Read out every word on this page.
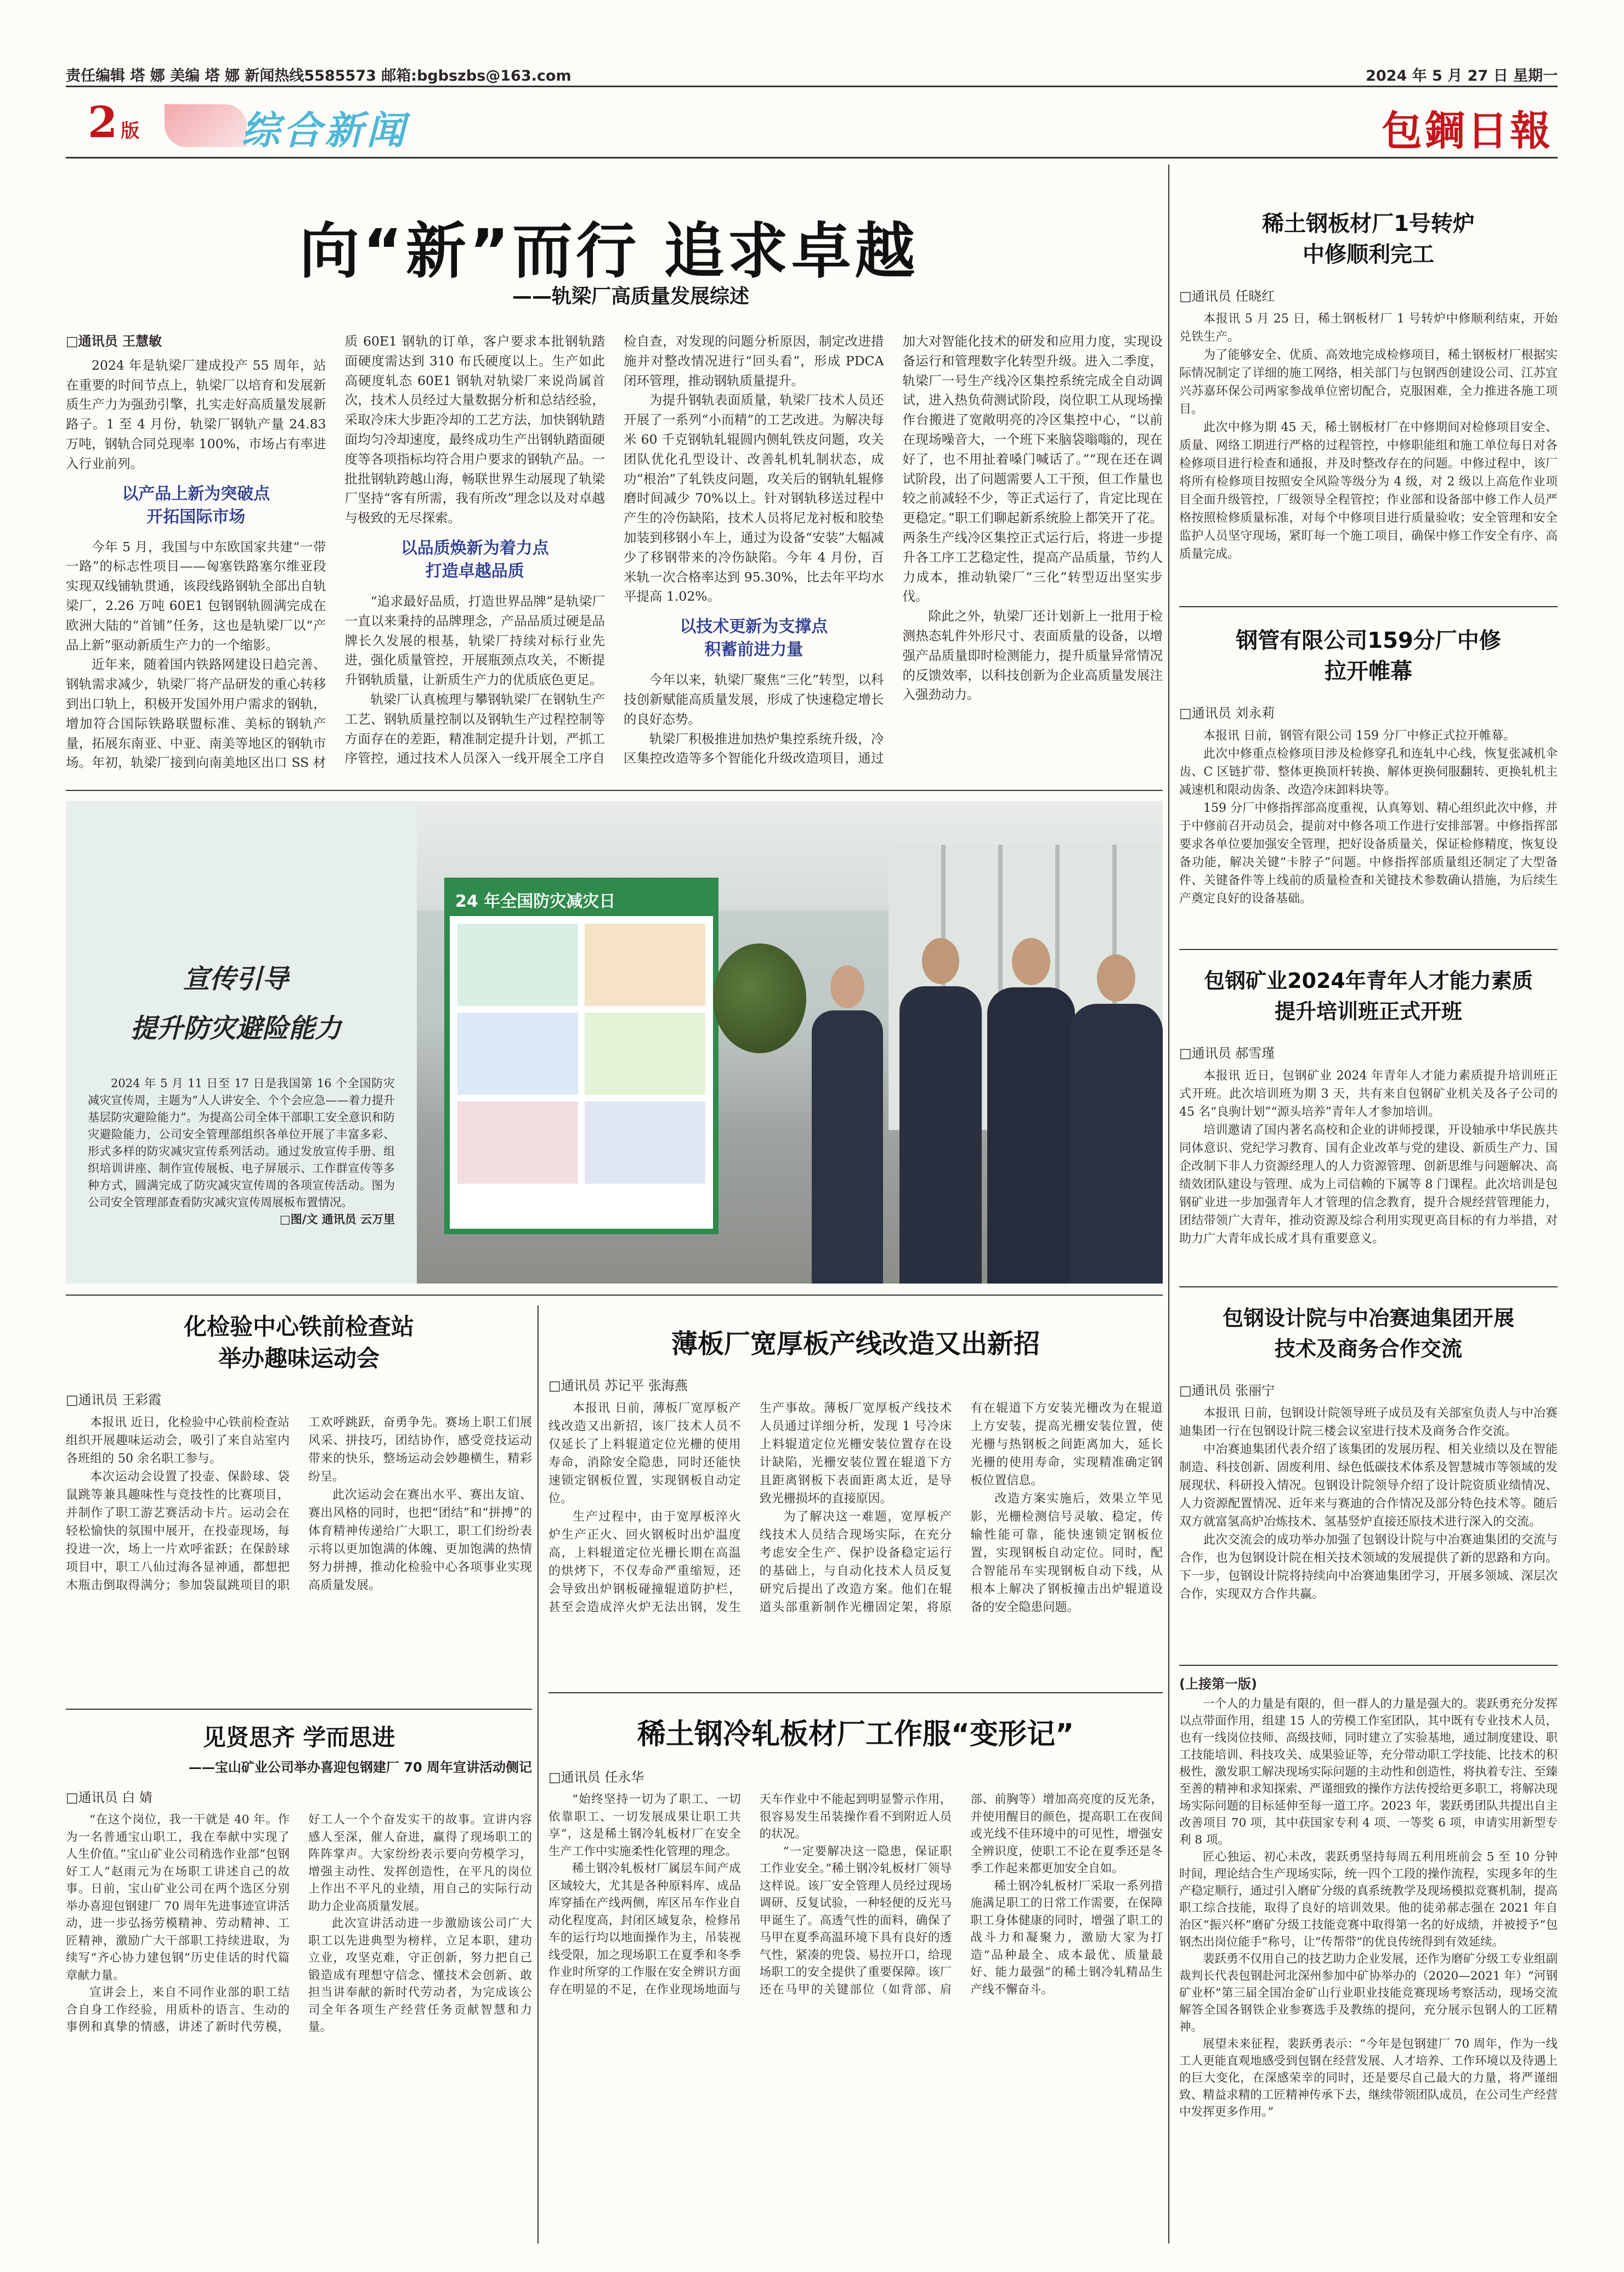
责任编辑 塔 娜 美编 塔 娜 新闻热线5585573 邮箱:bgbszbs@163.com	2024 年 5 月 27 日 星期一
2 版	综合新闻	包鋼日報
向“新”而行 追求卓越
——轨梁厂高质量发展综述
□通讯员 王慧敏

2024 年是轨梁厂建成投产 55 周年，站在重要的时间节点上，轨梁厂以培育和发展新质生产力为强劲引擎，扎实走好高质量发展新路子。1 至 4 月份，轨梁厂钢轨产量 24.83 万吨，钢轨合同兑现率 100%，市场占有率进入行业前列。

以产品上新为突破点
开拓国际市场

今年 5 月，我国与中东欧国家共建“一带一路”的标志性项目——匈塞铁路塞尔维亚段实现双线铺轨贯通，该段线路钢轨全部出自轨梁厂，2.26 万吨 60E1 包钢钢轨圆满完成在欧洲大陆的“首铺”任务，这也是轨梁厂以“产品上新”驱动新质生产力的一个缩影。

近年来，随着国内铁路网建设日趋完善、钢轨需求减少，轨梁厂将产品研发的重心转移到出口轨上，积极开发国外用户需求的钢轨，增加符合国际铁路联盟标准、美标的钢轨产量，拓展东南亚、中亚、南美等地区的钢轨市场。年初，轨梁厂接到向南美地区出口 SS 材质 60E1 钢轨的订单，客户要求本批钢轨踏面硬度需达到 310 布氏硬度以上。生产如此高硬度轧态 60E1 钢轨对轨梁厂来说尚属首次，技术人员经过大量数据分析和总结经验，采取冷床大步距冷却的工艺方法，加快钢轨踏面均匀冷却速度，最终成功生产出钢轨踏面硬度等各项指标均符合用户要求的钢轨产品。一批批钢轨跨越山海，畅联世界生动展现了轨梁厂坚持“客有所需，我有所改”理念以及对卓越与极致的无尽探索。

以品质焕新为着力点
打造卓越品质

“追求最好品质，打造世界品牌”是轨梁厂一直以来秉持的品牌理念，产品品质过硬是品牌长久发展的根基，轨梁厂持续对标行业先进，强化质量管控，开展瓶颈点攻关，不断提升钢轨质量，让新质生产力的优质底色更足。

轨梁厂认真梳理与攀钢轨梁厂在钢轨生产工艺、钢轨质量控制以及钢轨生产过程控制等方面存在的差距，精准制定提升计划，严抓工序管控，通过技术人员深入一线开展全工序自检自查，对发现的问题分析原因，制定改进措施并对整改情况进行“回头看”，形成 PDCA 闭环管理，推动钢轨质量提升。

为提升钢轨表面质量，轨梁厂技术人员还开展了一系列“小而精”的工艺改进。为解决每米 60 千克钢轨轧辊圆内侧轧铁皮问题，攻关团队优化孔型设计、改善轧机轧制状态，成功“根治”了轧铁皮问题，攻关后的钢轨轧辊修磨时间减少 70%以上。针对钢轨移送过程中产生的冷伤缺陷，技术人员将尼龙衬板和胶垫加装到移钢小车上，通过为设备“安装”大幅减少了移钢带来的冷伤缺陷。今年 4 月份，百米轨一次合格率达到 95.30%，比去年平均水平提高 1.02%。

以技术更新为支撑点
积蓄前进力量

今年以来，轨梁厂聚焦“三化”转型，以科技创新赋能高质量发展，形成了快速稳定增长的良好态势。

轨梁厂积极推进加热炉集控系统升级，冷区集控改造等多个智能化升级改造项目，通过加大对智能化技术的研发和应用力度，实现设备运行和管理数字化转型升级。进入二季度，轨梁厂一号生产线冷区集控系统完成全自动调试，进入热负荷测试阶段，岗位职工从现场操作台搬进了宽敞明亮的冷区集控中心，“以前在现场噪音大，一个班下来脑袋嗡嗡的，现在好了，也不用扯着嗓门喊话了。”“现在还在调试阶段，出了问题需要人工干预，但工作量也较之前减轻不少，等正式运行了，肯定比现在更稳定。”职工们聊起新系统脸上都笑开了花。两条生产线冷区集控正式运行后，将进一步提升各工序工艺稳定性，提高产品质量，节约人力成本，推动轨梁厂“三化”转型迈出坚实步伐。

除此之外，轨梁厂还计划新上一批用于检测热态轧件外形尺寸、表面质量的设备，以增强产品质量即时检测能力，提升质量异常情况的反馈效率，以科技创新为企业高质量发展注入强劲动力。

宣传引导
提升防灾避险能力

2024 年 5 月 11 日至 17 日是我国第 16 个全国防灾减灾宣传周，主题为“人人讲安全、个个会应急——着力提升基层防灾避险能力”。为提高公司全体干部职工安全意识和防灾避险能力，公司安全管理部组织各单位开展了丰富多彩、形式多样的防灾减灾宣传系列活动。通过发放宣传手册、组织培训讲座、制作宣传展板、电子屏展示、工作群宣传等多种方式，圆满完成了防灾减灾宣传周的各项宣传活动。图为公司安全管理部查看防灾减灾宣传周展板布置情况。

□图/文 通讯员 云万里
24 年全国防灾减灾日
稀土钢板材厂1号转炉
中修顺利完工
□通讯员 任晓红

本报讯 5 月 25 日，稀土钢板材厂 1 号转炉中修顺利结束，开始兑铁生产。

为了能够安全、优质、高效地完成检修项目，稀土钢板材厂根据实际情况制定了详细的施工网络，相关部门与包钢西创建设公司、江苏宜兴苏嘉环保公司两家参战单位密切配合，克服困难，全力推进各施工项目。

此次中修为期 45 天，稀土钢板材厂在中修期间对检修项目安全、质量、网络工期进行严格的过程管控，中修职能组和施工单位每日对各检修项目进行检查和通报，并及时整改存在的问题。中修过程中，该厂将所有检修项目按照安全风险等级分为 4 级，对 2 级以上高危作业项目全面升级管控，厂级领导全程管控；作业部和设备部中修工作人员严格按照检修质量标准，对每个中修项目进行质量验收；安全管理和安全监护人员坚守现场，紧盯每一个施工项目，确保中修工作安全有序、高质量完成。

钢管有限公司159分厂中修
拉开帷幕
□通讯员 刘永莉

本报讯 日前，钢管有限公司 159 分厂中修正式拉开帷幕。

此次中修重点检修项目涉及检修穿孔和连轧中心线，恢复张减机伞齿、C 区链扩带、整体更换顶杆转换、解体更换伺服翻转、更换轧机主减速机和限动齿条、改造冷床卸料块等。

159 分厂中修指挥部高度重视，认真筹划、精心组织此次中修，并于中修前召开动员会，提前对中修各项工作进行安排部署。中修指挥部要求各单位要加强安全管理，把好设备质量关，保证检修精度，恢复设备功能，解决关键“卡脖子”问题。中修指挥部质量组还制定了大型备件、关键备件等上线前的质量检查和关键技术参数确认措施，为后续生产奠定良好的设备基础。

包钢矿业2024年青年人才能力素质
提升培训班正式开班
□通讯员 郝雪瑾

本报讯 近日，包钢矿业 2024 年青年人才能力素质提升培训班正式开班。此次培训班为期 3 天，共有来自包钢矿业机关及各子公司的 45 名“良驹计划”“源头培养”青年人才参加培训。

培训邀请了国内著名高校和企业的讲师授课，开设轴承中华民族共同体意识、党纪学习教育、国有企业改革与党的建设、新质生产力、国企改制下非人力资源经理人的人力资源管理、创新思维与问题解决、高绩效团队建设与管理、成为上司信赖的下属等 8 门课程。此次培训是包钢矿业进一步加强青年人才管理的信念教育，提升合规经营管理能力，团结带领广大青年，推动资源及综合利用实现更高目标的有力举措，对助力广大青年成长成才具有重要意义。

包钢设计院与中冶赛迪集团开展
技术及商务合作交流
□通讯员 张丽宁

本报讯 日前，包钢设计院领导班子成员及有关部室负责人与中冶赛迪集团一行在包钢设计院三楼会议室进行技术及商务合作交流。

中冶赛迪集团代表介绍了该集团的发展历程、相关业绩以及在智能制造、科技创新、固废利用、绿色低碳技术体系及智慧城市等领域的发展现状、科研投入情况。包钢设计院领导介绍了设计院资质业绩情况、人力资源配置情况、近年来与赛迪的合作情况及部分特色技术等。随后双方就富氢高炉冶炼技术、氢基竖炉直接还原技术进行深入的交流。

此次交流会的成功举办加强了包钢设计院与中冶赛迪集团的交流与合作，也为包钢设计院在相关技术领域的发展提供了新的思路和方向。下一步，包钢设计院将持续向中冶赛迪集团学习，开展多领域、深层次合作，实现双方合作共赢。

(上接第一版)

一个人的力量是有限的，但一群人的力量是强大的。裴跃勇充分发挥以点带面作用，组建 15 人的劳模工作室团队，其中既有专业技术人员，也有一线岗位技师、高级技师，同时建立了实验基地，通过制度建设、职工技能培训、科技攻关、成果验证等，充分带动职工学技能、比技术的积极性，激发职工解决现场实际问题的主动性和创造性，将执着专注、至臻至善的精神和求知探索、严谨细致的操作方法传授给更多职工，将解决现场实际问题的目标延伸至每一道工序。2023 年，裴跃勇团队共提出自主改善项目 70 项，其中获国家专利 4 项、一等奖 6 项，申请实用新型专利 8 项。

匠心独运、初心未改，裴跃勇坚持每周五利用班前会 5 至 10 分钟时间，理论结合生产现场实际，统一四个工段的操作流程，实现多年的生产稳定顺行，通过引入磨矿分级的真系统教学及现场模拟竞赛机制，提高职工综合技能，取得了良好的培训效果。他的徒弟郝志强在 2021 年自治区“振兴杯”磨矿分级工技能竞赛中取得第一名的好成绩，并被授予“包钢杰出岗位能手”称号，让“传帮带”的优良传统得到有效延续。

裴跃勇不仅用自己的技艺助力企业发展，还作为磨矿分级工专业组副裁判长代表包钢赴河北深州参加中矿协举办的（2020—2021 年）“河钢矿业杯”第三届全国冶金矿山行业职业技能竞赛现场考察活动，现场交流解答全国各钢铁企业参赛选手及教练的提问，充分展示包钢人的工匠精神。

展望未来征程，裴跃勇表示：“今年是包钢建厂 70 周年，作为一线工人更能直观地感受到包钢在经营发展、人才培养、工作环境以及待遇上的巨大变化，在深感荣幸的同时，还是要尽自己最大的力量，将严谨细致、精益求精的工匠精神传承下去，继续带领团队成员，在公司生产经营中发挥更多作用。”

化检验中心铁前检查站
举办趣味运动会
□通讯员 王彩霞

本报讯 近日，化检验中心铁前检查站组织开展趣味运动会，吸引了来自站室内各班组的 50 余名职工参与。

本次运动会设置了投壶、保龄球、袋鼠跳等兼具趣味性与竞技性的比赛项目，并制作了职工游艺赛活动卡片。运动会在轻松愉快的氛围中展开，在投壶现场，每投进一次，场上一片欢呼雀跃；在保龄球项目中，职工八仙过海各显神通，都想把木瓶击倒取得满分；参加袋鼠跳项目的职工欢呼跳跃，奋勇争先。赛场上职工们展风采、拼技巧，团结协作，感受竞技运动带来的快乐，整场运动会妙趣横生，精彩纷呈。

此次运动会在赛出水平、赛出友谊、赛出风格的同时，也把“团结”和“拼搏”的体育精神传递给广大职工，职工们纷纷表示将以更加饱满的体魄、更加饱满的热情努力拼搏，推动化检验中心各项事业实现高质量发展。

见贤思齐 学而思进
——宝山矿业公司举办喜迎包钢建厂 70 周年宣讲活动侧记
□通讯员 白 婧

“在这个岗位，我一干就是 40 年。作为一名普通宝山职工，我在奉献中实现了人生价值。”宝山矿业公司稍选作业部“包钢好工人”赵雨元为在场职工讲述自己的故事。日前，宝山矿业公司在两个选区分别举办喜迎包钢建厂 70 周年先进事迹宣讲活动，进一步弘扬劳模精神、劳动精神、工匠精神，激励广大干部职工持续进取，为续写“齐心协力建包钢”历史佳话的时代篇章献力量。

宣讲会上，来自不同作业部的职工结合自身工作经验，用质朴的语言、生动的事例和真挚的情感，讲述了新时代劳模，好工人一个个奋发实干的故事。宣讲内容感人至深，催人奋进，赢得了现场职工的阵阵掌声。大家纷纷表示要向劳模学习，增强主动性、发挥创造性，在平凡的岗位上作出不平凡的业绩，用自己的实际行动助力企业高质量发展。

此次宣讲活动进一步激励该公司广大职工以先进典型为榜样，立足本职，建功立业，攻坚克难，守正创新，努力把自己锻造成有理想守信念、懂技术会创新、敢担当讲奉献的新时代劳动者，为完成该公司全年各项生产经营任务贡献智慧和力量。

薄板厂宽厚板产线改造又出新招
□通讯员 苏记平 张海燕

本报讯 日前，薄板厂宽厚板产线改造又出新招，该厂技术人员不仅延长了上料辊道定位光栅的使用寿命，消除安全隐患，同时还能快速锁定钢板位置，实现钢板自动定位。

生产过程中，由于宽厚板淬火炉生产正火、回火钢板时出炉温度高，上料辊道定位光栅长期在高温的烘烤下，不仅寿命严重缩短，还会导致出炉钢板碰撞辊道防护栏，甚至会造成淬火炉无法出钢，发生生产事故。薄板厂宽厚板产线技术人员通过详细分析，发现 1 号冷床上料辊道定位光栅安装位置存在设计缺陷，光栅安装位置在辊道下方且距离钢板下表面距离太近，是导致光栅损坏的直接原因。

为了解决这一难题，宽厚板产线技术人员结合现场实际，在充分考虑安全生产、保护设备稳定运行的基础上，与自动化技术人员反复研究后提出了改造方案。他们在辊道头部重新制作光栅固定架，将原有在辊道下方安装光栅改为在辊道上方安装，提高光栅安装位置，使光栅与热钢板之间距离加大，延长光栅的使用寿命，实现精准确定钢板位置信息。

改造方案实施后，效果立竿见影，光栅检测信号灵敏、稳定，传输性能可靠，能快速锁定钢板位置，实现钢板自动定位。同时，配合智能吊车实现钢板自动下线，从根本上解决了钢板撞击出炉辊道设备的安全隐患问题。

稀土钢冷轧板材厂工作服“变形记”
□通讯员 任永华

“始终坚持一切为了职工、一切依靠职工、一切发展成果让职工共享”，这是稀土钢冷轧板材厂在安全生产工作中实施柔性化管理的理念。

稀土钢冷轧板材厂属层车间产成区域较大，尤其是各种原料库、成品库穿插在产线两侧，库区吊车作业自动化程度高，封闭区域复杂，检修吊车的运行均以地面操作为主，吊装视线受限，加之现场职工在夏季和冬季作业时所穿的工作服在安全辨识方面存在明显的不足，在作业现场地面与天车作业中不能起到明显警示作用，很容易发生吊装操作看不到附近人员的状况。

“一定要解决这一隐患，保证职工作业安全。”稀土钢冷轧板材厂领导这样说。该厂安全管理人员经过现场调研、反复试验，一种轻便的反光马甲诞生了。高透气性的面料，确保了马甲在夏季高温环境下具有良好的透气性，紧凑的兜袋、易拉开口，给现场职工的安全提供了重要保障。该厂还在马甲的关键部位（如背部、肩部、前胸等）增加高亮度的反光条，并使用醒目的颜色，提高职工在夜间或光线不佳环境中的可见性，增强安全辨识度，使职工不论在夏季还是冬季工作起来都更加安全自如。

稀土钢冷轧板材厂采取一系列措施满足职工的日常工作需要，在保障职工身体健康的同时，增强了职工的战斗力和凝聚力，激励大家为打造“品种最全、成本最优、质量最好、能力最强”的稀土钢冷轧精品生产线不懈奋斗。
